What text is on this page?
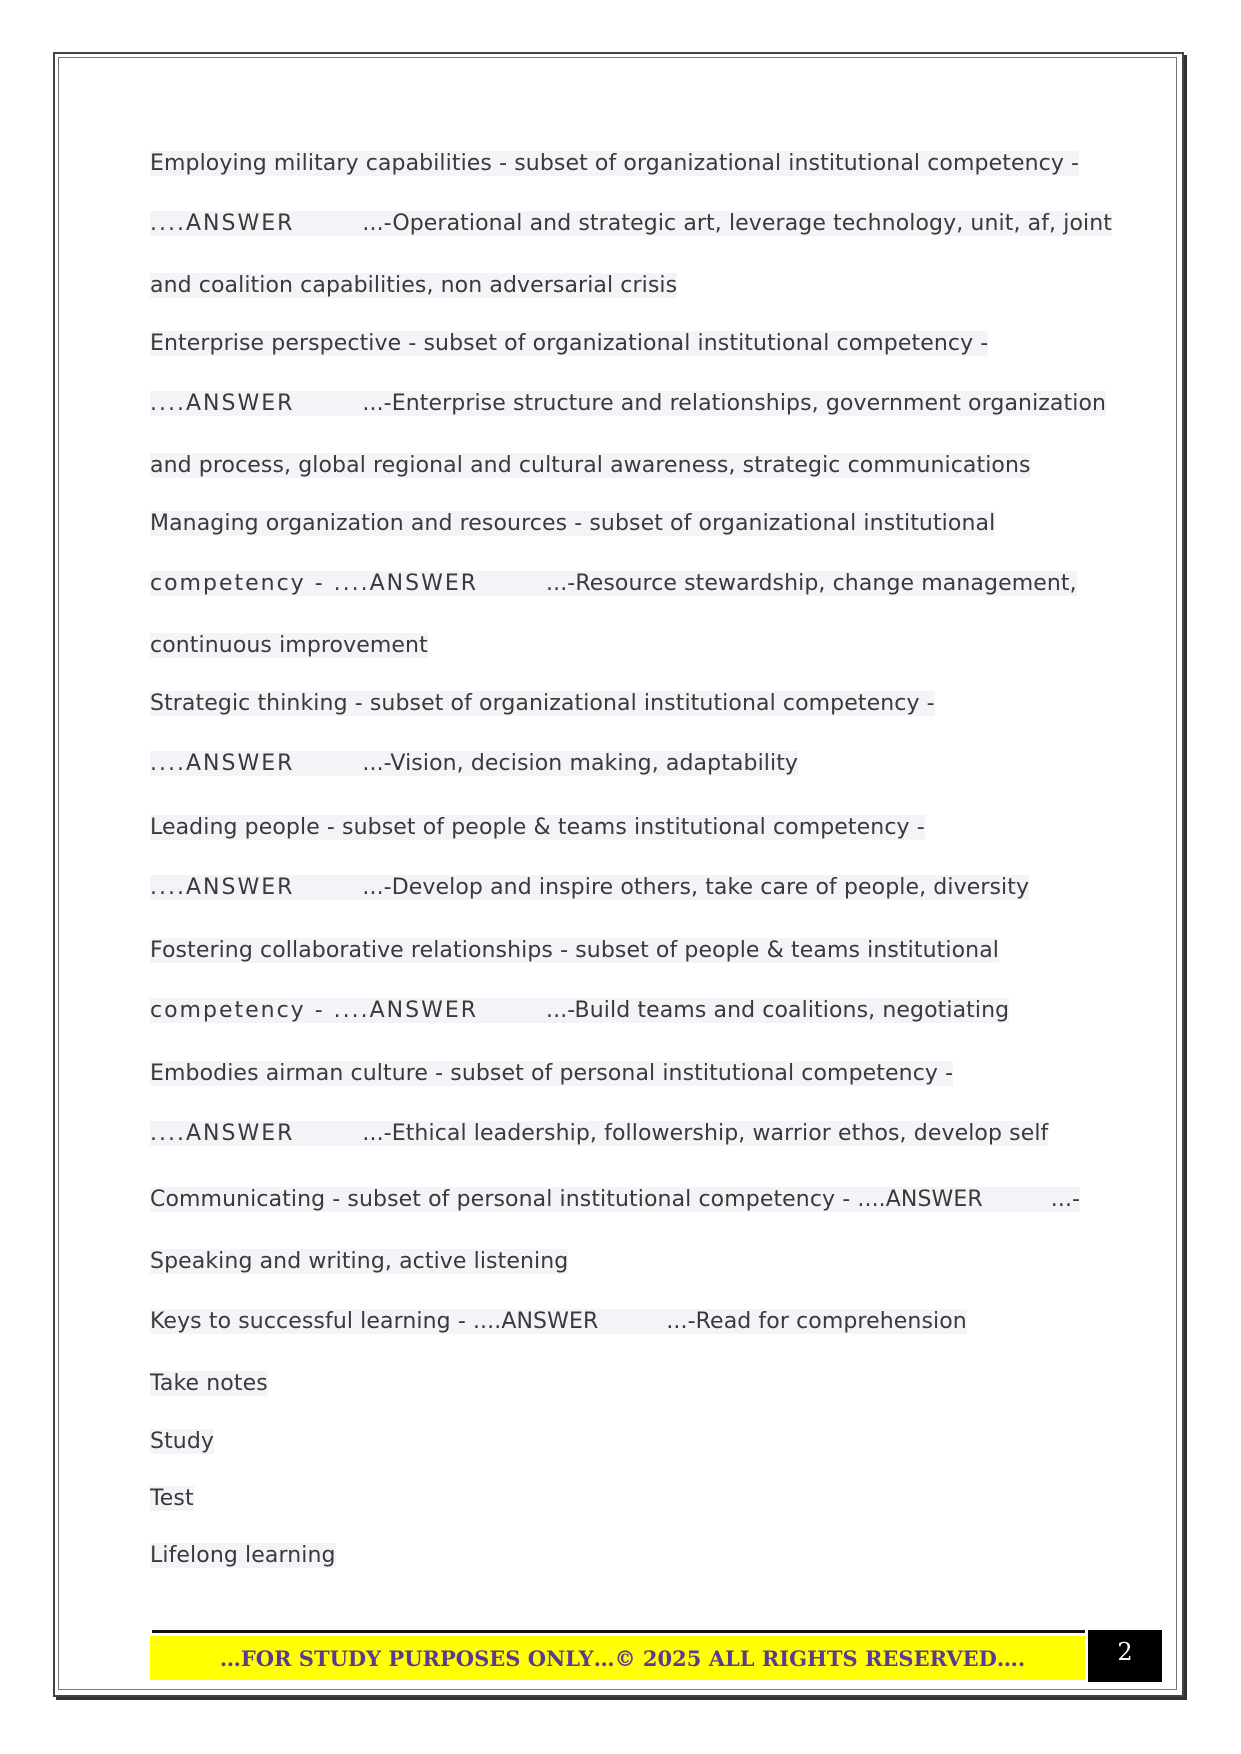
Employing military capabilities - subset of organizational institutional competency -
....ANSWER	...-Operational and strategic art, leverage technology, unit, af, joint
and coalition capabilities, non adversarial crisis
Enterprise perspective - subset of organizational institutional competency -
....ANSWER	...-Enterprise structure and relationships, government organization
and process, global regional and cultural awareness, strategic communications
Managing organization and resources - subset of organizational institutional
competency - ....ANSWER	...-Resource stewardship, change management,
continuous improvement
Strategic thinking - subset of organizational institutional competency -
....ANSWER	...-Vision, decision making, adaptability
Leading people - subset of people & teams institutional competency -
....ANSWER	...-Develop and inspire others, take care of people, diversity
Fostering collaborative relationships - subset of people & teams institutional
competency - ....ANSWER	...-Build teams and coalitions, negotiating
Embodies airman culture - subset of personal institutional competency -
....ANSWER	...-Ethical leadership, followership, warrior ethos, develop self
Communicating - subset of personal institutional competency - ....ANSWER	...-
Speaking and writing, active listening
Keys to successful learning - ....ANSWER	...-Read for comprehension
Take notes
Study
Test
Lifelong learning
…FOR STUDY PURPOSES ONLY…© 2025 ALL RIGHTS RESERVED….	2
